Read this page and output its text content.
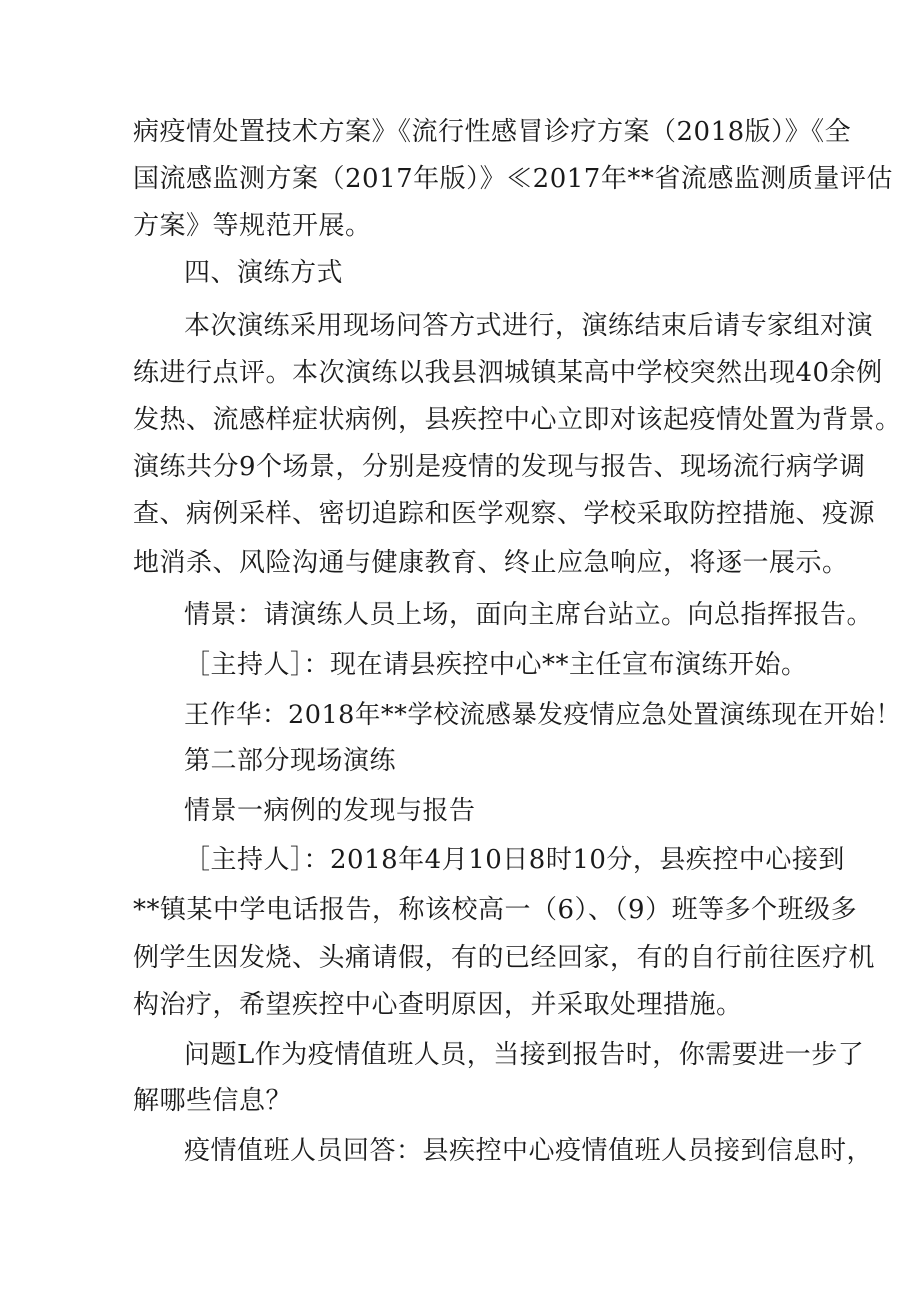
病疫情处置技术方案》《流行性感冒诊疗方案（2018版）》《全
国流感监测方案（2017年版）》≪2017年**省流感监测质量评估
方案》等规范开展。
四、演练方式
本次演练采用现场问答方式进行，演练结束后请专家组对演
练进行点评。本次演练以我县泗城镇某高中学校突然出现40余例
发热、流感样症状病例，县疾控中心立即对该起疫情处置为背景。
演练共分9个场景，分别是疫情的发现与报告、现场流行病学调
查、病例采样、密切追踪和医学观察、学校采取防控措施、疫源
地消杀、风险沟通与健康教育、终止应急响应，将逐一展示。
情景：请演练人员上场，面向主席台站立。向总指挥报告。
［主持人］：现在请县疾控中心**主任宣布演练开始。
王作华：2018年**学校流感暴发疫情应急处置演练现在开始！
第二部分现场演练
情景一病例的发现与报告
［主持人］：2018年4月10日8时10分，县疾控中心接到
**镇某中学电话报告，称该校高一（6）、（9）班等多个班级多
例学生因发烧、头痛请假，有的已经回家，有的自行前往医疗机
构治疗，希望疾控中心查明原因，并采取处理措施。
问题L作为疫情值班人员，当接到报告时，你需要进一步了
解哪些信息？
疫情值班人员回答：县疾控中心疫情值班人员接到信息时，
